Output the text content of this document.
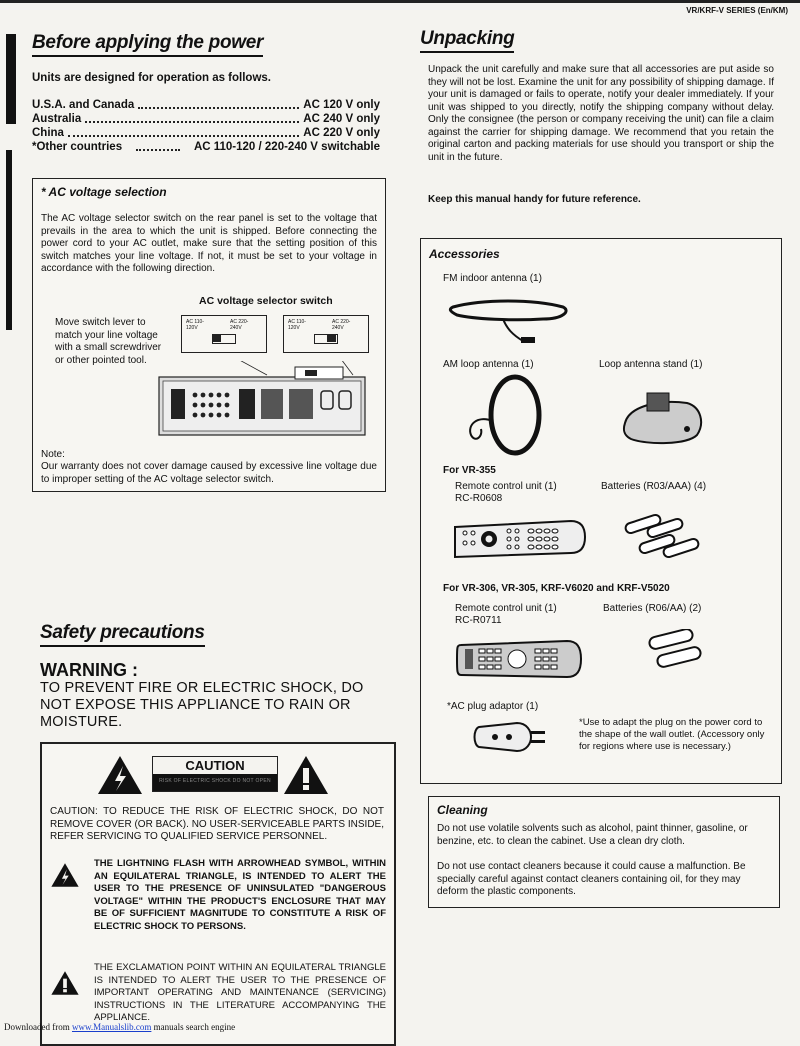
VR/KRF-V SERIES (En/KM)
Before applying the power
Units are designed for operation as follows.
U.S.A. and Canada	AC 120 V only
Australia	AC 240 V only
China	AC 220 V only
*Other countries	AC 110-120 / 220-240 V switchable
* AC voltage selection
The AC voltage selector switch on the rear panel is set to the voltage that prevails in the area to which the unit is shipped. Before connecting the power cord to your AC outlet, make sure that the setting position of this switch matches your line voltage. If not, it must be set to your voltage in accordance with the following direction.
AC voltage selector switch
Move switch lever to match your line voltage with a small screwdriver or other pointed tool.
AC 110-120V
AC 220-240V
AC 110-120V
AC 220-240V
Note:
Our warranty does not cover damage caused by excessive line voltage due to improper setting of the AC voltage selector switch.
Safety precautions
WARNING :
TO PREVENT FIRE OR ELECTRIC SHOCK, DO NOT EXPOSE THIS APPLIANCE TO RAIN OR MOISTURE.
CAUTION
RISK OF ELECTRIC SHOCK DO NOT OPEN
CAUTION: TO REDUCE THE RISK OF ELECTRIC SHOCK, DO NOT REMOVE COVER (OR BACK). NO USER-SERVICEABLE PARTS INSIDE, REFER SERVICING TO QUALIFIED SERVICE PERSONNEL.
THE LIGHTNING FLASH WITH ARROWHEAD SYMBOL, WITHIN AN EQUILATERAL TRIANGLE, IS INTENDED TO ALERT THE USER TO THE PRESENCE OF UNINSULATED "DANGEROUS VOLTAGE" WITHIN THE PRODUCT'S ENCLOSURE THAT MAY BE OF SUFFICIENT MAGNITUDE TO CONSTITUTE A RISK OF ELECTRIC SHOCK TO PERSONS.
THE EXCLAMATION POINT WITHIN AN EQUILATERAL TRIANGLE IS INTENDED TO ALERT THE USER TO THE PRESENCE OF IMPORTANT OPERATING AND MAINTENANCE (SERVICING) INSTRUCTIONS IN THE LITERATURE ACCOMPANYING THE APPLIANCE.
Unpacking
Unpack the unit carefully and make sure that all accessories are put aside so they will not be lost. Examine the unit for any possibility of shipping damage. If your unit is damaged or fails to operate, notify your dealer immediately. If your unit was shipped to you directly, notify the shipping company without delay. Only the consignee (the person or company receiving the unit) can file a claim against the carrier for shipping damage. We recommend that you retain the original carton and packing materials for use should you transport or ship the unit in the future.
Keep this manual handy for future reference.
Accessories
FM indoor antenna (1)
AM loop antenna (1)	Loop antenna stand (1)
For VR-355
Remote control unit (1)
RC-R0608
Batteries (R03/AAA) (4)
For VR-306, VR-305, KRF-V6020 and KRF-V5020
Remote control unit (1)
RC-R0711
Batteries (R06/AA) (2)
*AC plug adaptor (1)
*Use to adapt the plug on the power cord to the shape of the wall outlet. (Accessory only for regions where use is necessary.)
Cleaning
Do not use volatile solvents such as alcohol, paint thinner, gasoline, or benzine, etc. to clean the cabinet. Use a clean dry cloth.
Do not use contact cleaners because it could cause a malfunction. Be specially careful against contact cleaners containing oil, for they may deform the plastic components.
Downloaded from www.Manualslib.com manuals search engine
